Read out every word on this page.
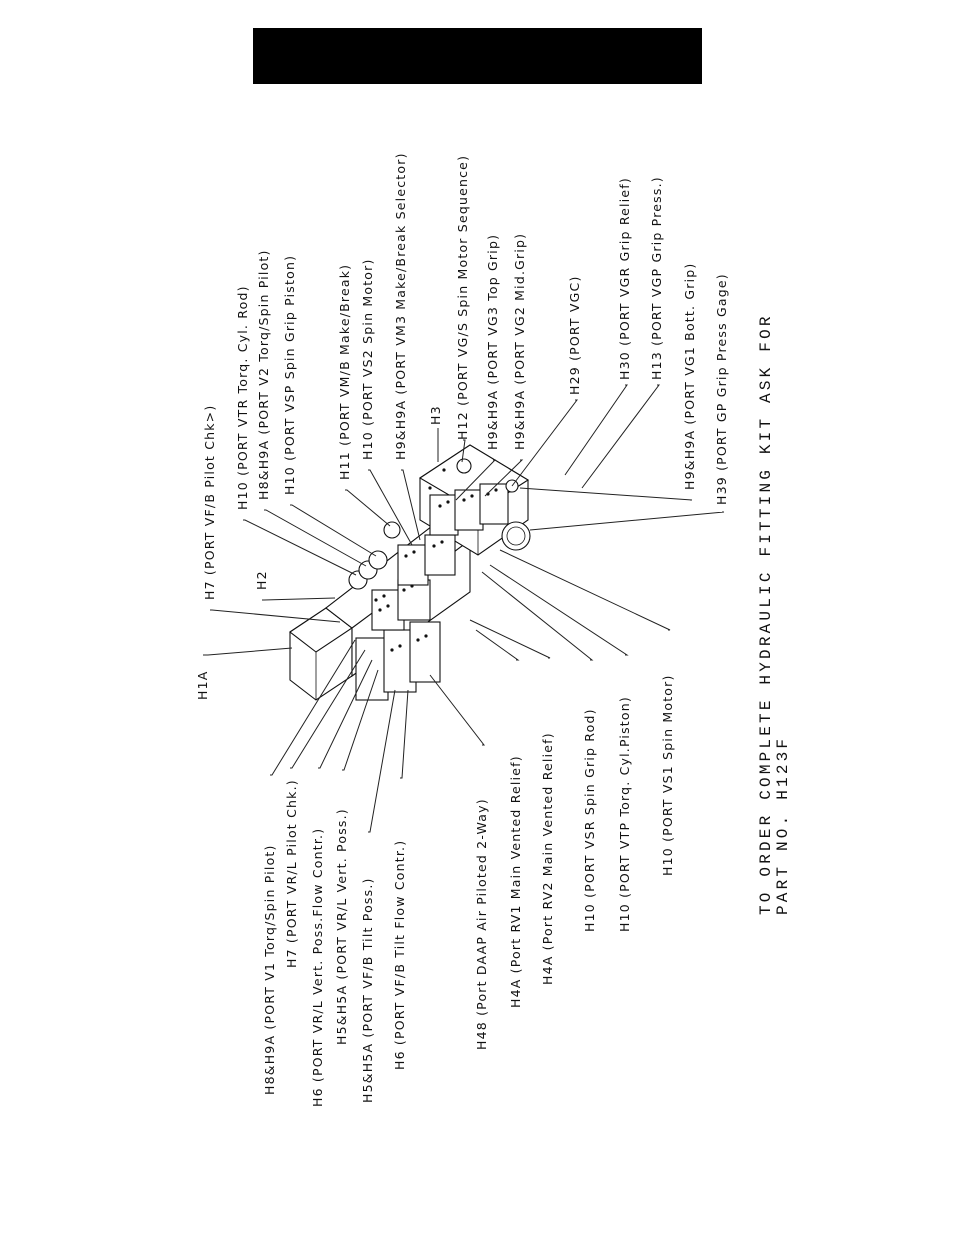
H1A
H7 (PORT VF/B Pilot Chk>)	H2
H10 (PORT VTR Torq. Cyl. Rod) H8&H9A (PORT V2 Torq/Spin Pilot) H10 (PORT VSP Spin Grip Piston)	H11 (PORT VM/B Make/Break) H10 (PORT VS2 Spin Motor) H9&H9A (PORT VM3 Make/Break Selector) H3 H12 (PORT VG/S Spin Motor Sequence) H9&H9A (PORT VG3 Top Grip) H9&H9A (PORT VG2 Mid.Grip)	H29 (PORT VGC)	H30 (PORT VGR Grip Relief) H13 (PORT VGP Grip Press.) H9&H9A (PORT VG1 Bott. Grip) H39 (PORT GP Grip Press Gage)
H8&H9A (PORT V1 Torq/Spin Pilot) H7 (PORT VR/L Pilot Chk.) H6 (PORT VR/L Vert. Poss.Flow Contr.) H5&H5A (PORT VR/L Vert. Poss.) H5&H5A (PORT VF/B Tilt Poss.) H6 (PORT VF/B Tilt Flow Contr.)	H48 (Port DAAP Air Piloted 2-Way) H4A (Port RV1 Main Vented Relief) H4A (Port RV2 Main Vented Relief) H10 (PORT VSR Spin Grip Rod) H10 (PORT VTP Torq. Cyl.Piston) H10 (PORT VS1 Spin Motor)	TO ORDER COMPLETE HYDRAULIC FITTING KIT ASK FOR PART NO. H123F
